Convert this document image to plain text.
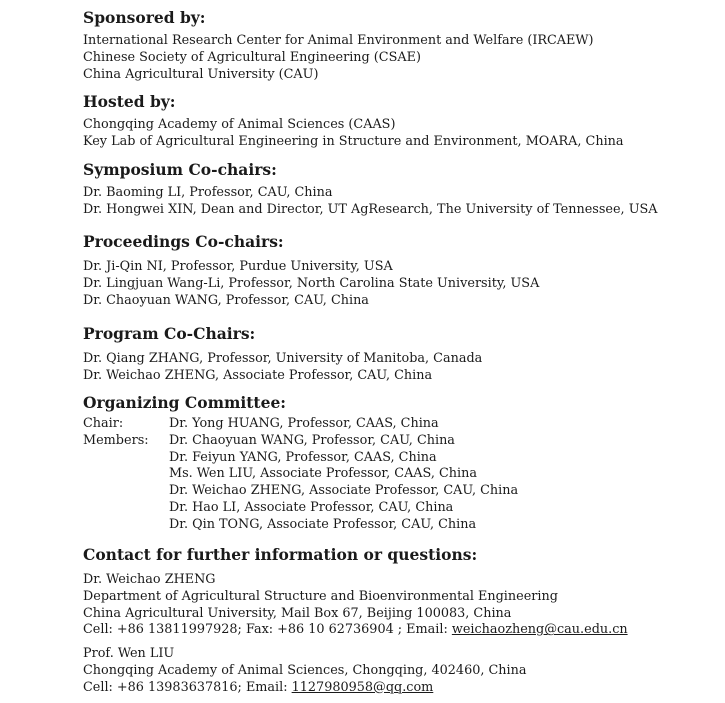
Sponsored by:
International Research Center for Animal Environment and Welfare (IRCAEW)
Chinese Society of Agricultural Engineering (CSAE)
China Agricultural University (CAU)
Hosted by:
Chongqing Academy of Animal Sciences (CAAS)
Key Lab of Agricultural Engineering in Structure and Environment, MOARA, China
Symposium Co-chairs:
Dr. Baoming LI, Professor, CAU, China
Dr. Hongwei XIN, Dean and Director, UT AgResearch, The University of Tennessee, USA
Proceedings Co-chairs:
Dr. Ji-Qin NI, Professor, Purdue University, USA
Dr. Lingjuan Wang-Li, Professor, North Carolina State University, USA
Dr. Chaoyuan WANG, Professor, CAU, China
Program Co-Chairs:
Dr. Qiang ZHANG, Professor, University of Manitoba, Canada
Dr. Weichao ZHENG, Associate Professor, CAU, China
Organizing Committee:
Chair:	Dr. Yong HUANG, Professor, CAAS, China
Members:	Dr. Chaoyuan WANG, Professor, CAU, China
Dr. Feiyun YANG, Professor, CAAS, China
Ms. Wen LIU, Associate Professor, CAAS, China
Dr. Weichao ZHENG, Associate Professor, CAU, China
Dr. Hao LI, Associate Professor, CAU, China
Dr. Qin TONG, Associate Professor, CAU, China
Contact for further information or questions:
Dr. Weichao ZHENG
Department of Agricultural Structure and Bioenvironmental Engineering
China Agricultural University, Mail Box 67, Beijing 100083, China
Cell: +86 13811997928; Fax: +86 10 62736904 ; Email: weichaozheng@cau.edu.cn
Prof. Wen LIU
Chongqing Academy of Animal Sciences, Chongqing, 402460, China
Cell: +86 13983637816; Email: 1127980958@qq.com
